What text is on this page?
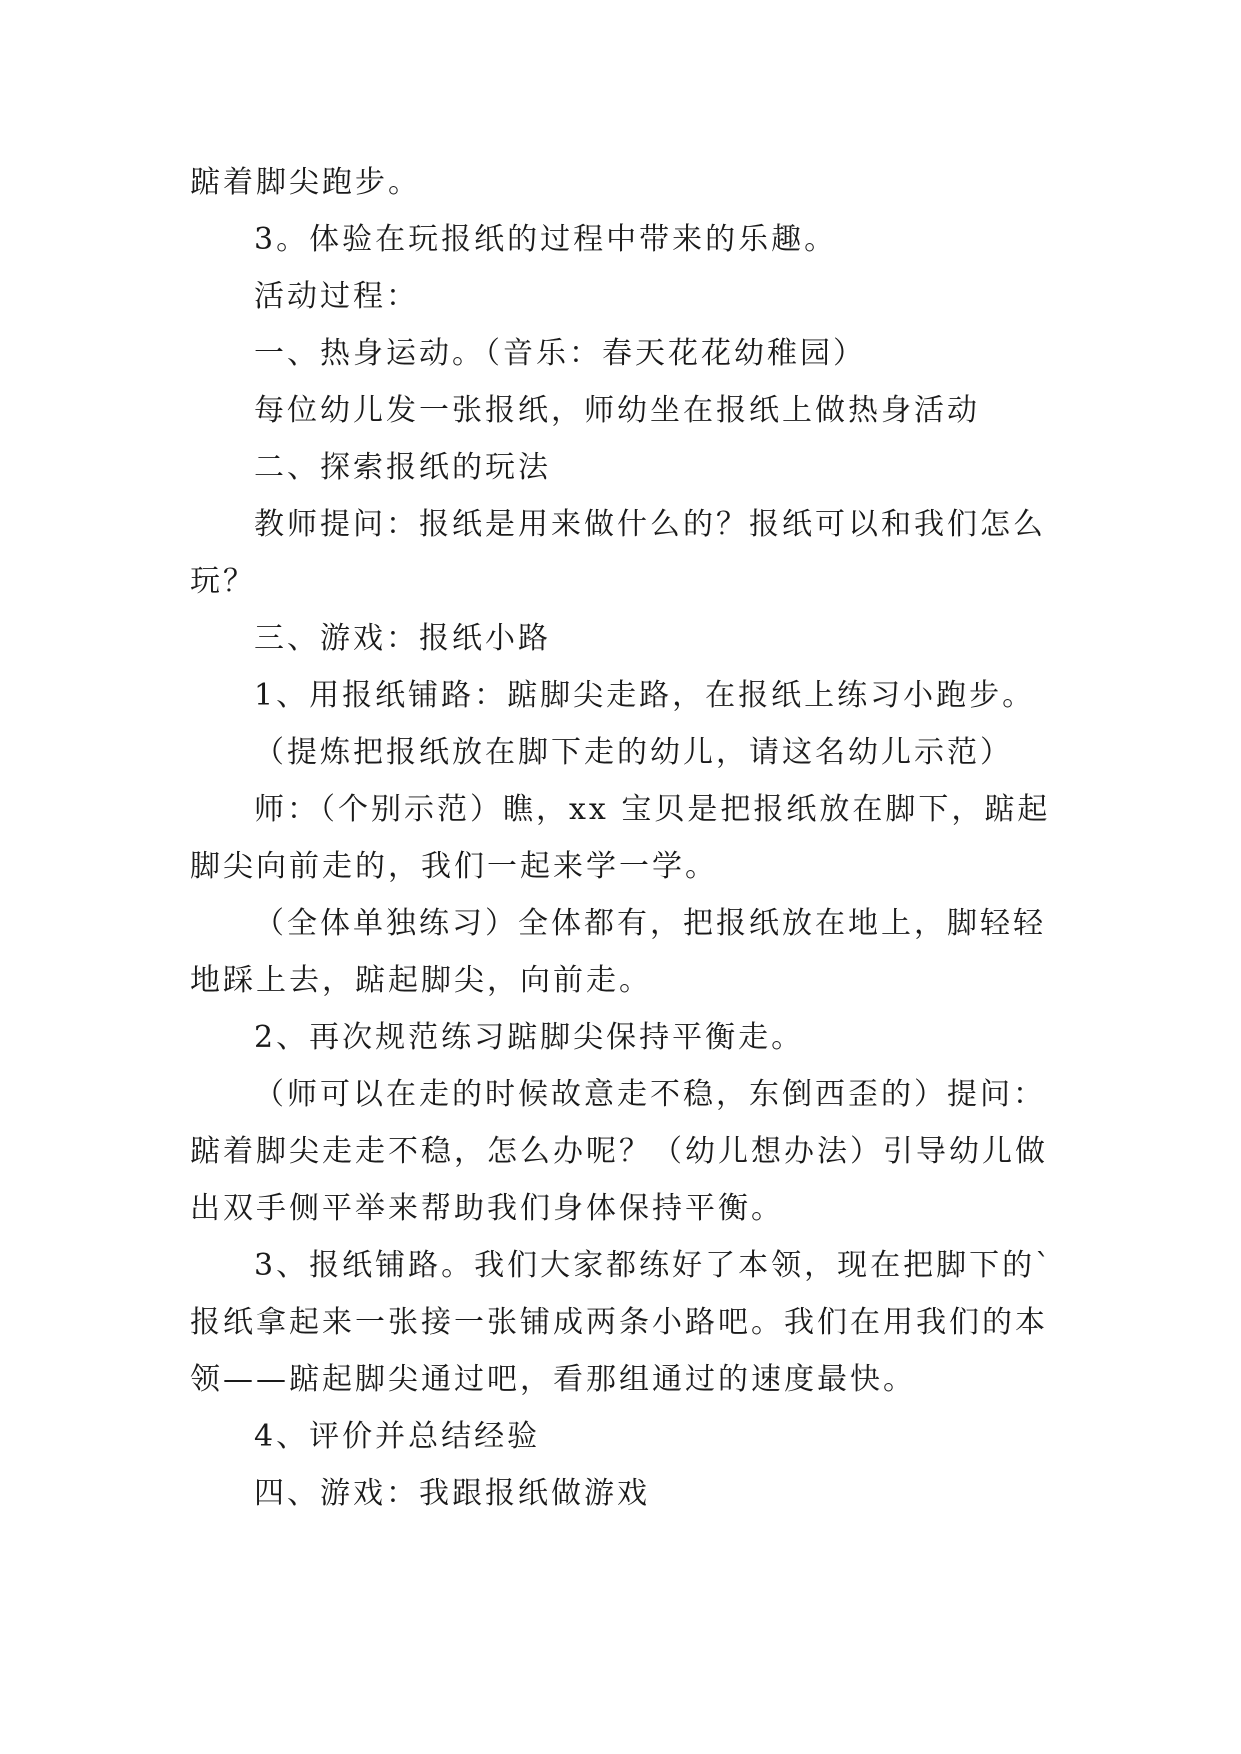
踮着脚尖跑步。

3。体验在玩报纸的过程中带来的乐趣。

活动过程：

一、热身运动。（音乐：春天花花幼稚园）

每位幼儿发一张报纸，师幼坐在报纸上做热身活动

二、探索报纸的玩法

教师提问：报纸是用来做什么的？报纸可以和我们怎么

玩？

三、游戏：报纸小路

1、用报纸铺路：踮脚尖走路，在报纸上练习小跑步。

（提炼把报纸放在脚下走的幼儿，请这名幼儿示范）

师：（个别示范）瞧，xx 宝贝是把报纸放在脚下，踮起

脚尖向前走的，我们一起来学一学。

（全体单独练习）全体都有，把报纸放在地上，脚轻轻

地踩上去，踮起脚尖，向前走。

2、再次规范练习踮脚尖保持平衡走。

（师可以在走的时候故意走不稳，东倒西歪的）提问：

踮着脚尖走走不稳，怎么办呢？（幼儿想办法）引导幼儿做

出双手侧平举来帮助我们身体保持平衡。

3、报纸铺路。我们大家都练好了本领，现在把脚下的`

报纸拿起来一张接一张铺成两条小路吧。我们在用我们的本

领——踮起脚尖通过吧，看那组通过的速度最快。

4、评价并总结经验

四、游戏：我跟报纸做游戏
